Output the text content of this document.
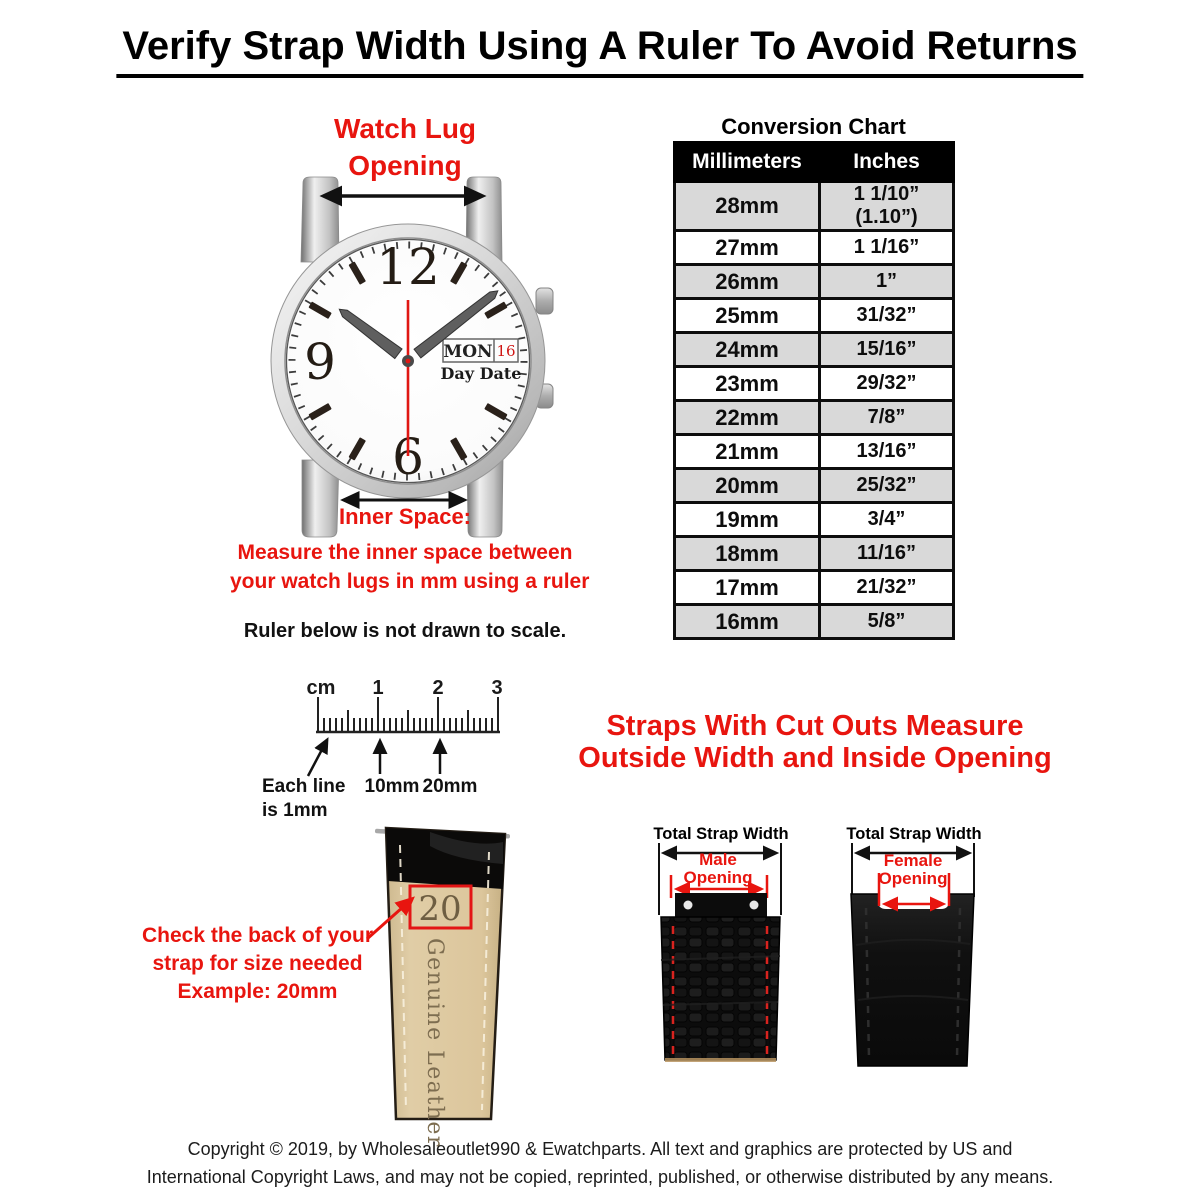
12
9
6
MON 16
Day Date
cm 1 2 3
20
Genuine Leather
Verify Strap Width Using A Ruler To Avoid Returns
Watch Lug
Opening
Inner Space:
Measure the inner space between
your watch lugs in mm using a ruler
Ruler below is not drawn to scale.
Each line
is 1mm
10mm 20mm
Conversion Chart
Millimeters	Inches
28mm	1 1/10” (1.10”)
27mm	1 1/16”
26mm	1”
25mm	31/32”
24mm	15/16”
23mm	29/32”
22mm	7/8”
21mm	13/16”
20mm	25/32”
19mm	3/4”
18mm	11/16”
17mm	21/32”
16mm	5/8”
Straps With Cut Outs Measure
Outside Width and Inside Opening
Check the back of your
strap for size needed
Example: 20mm
Total Strap Width
Male
Opening
Total Strap Width
Female
Opening
Copyright © 2019, by Wholesaleoutlet990 & Ewatchparts. All text and graphics are protected by US and
International Copyright Laws, and may not be copied, reprinted, published, or otherwise distributed by any means.
